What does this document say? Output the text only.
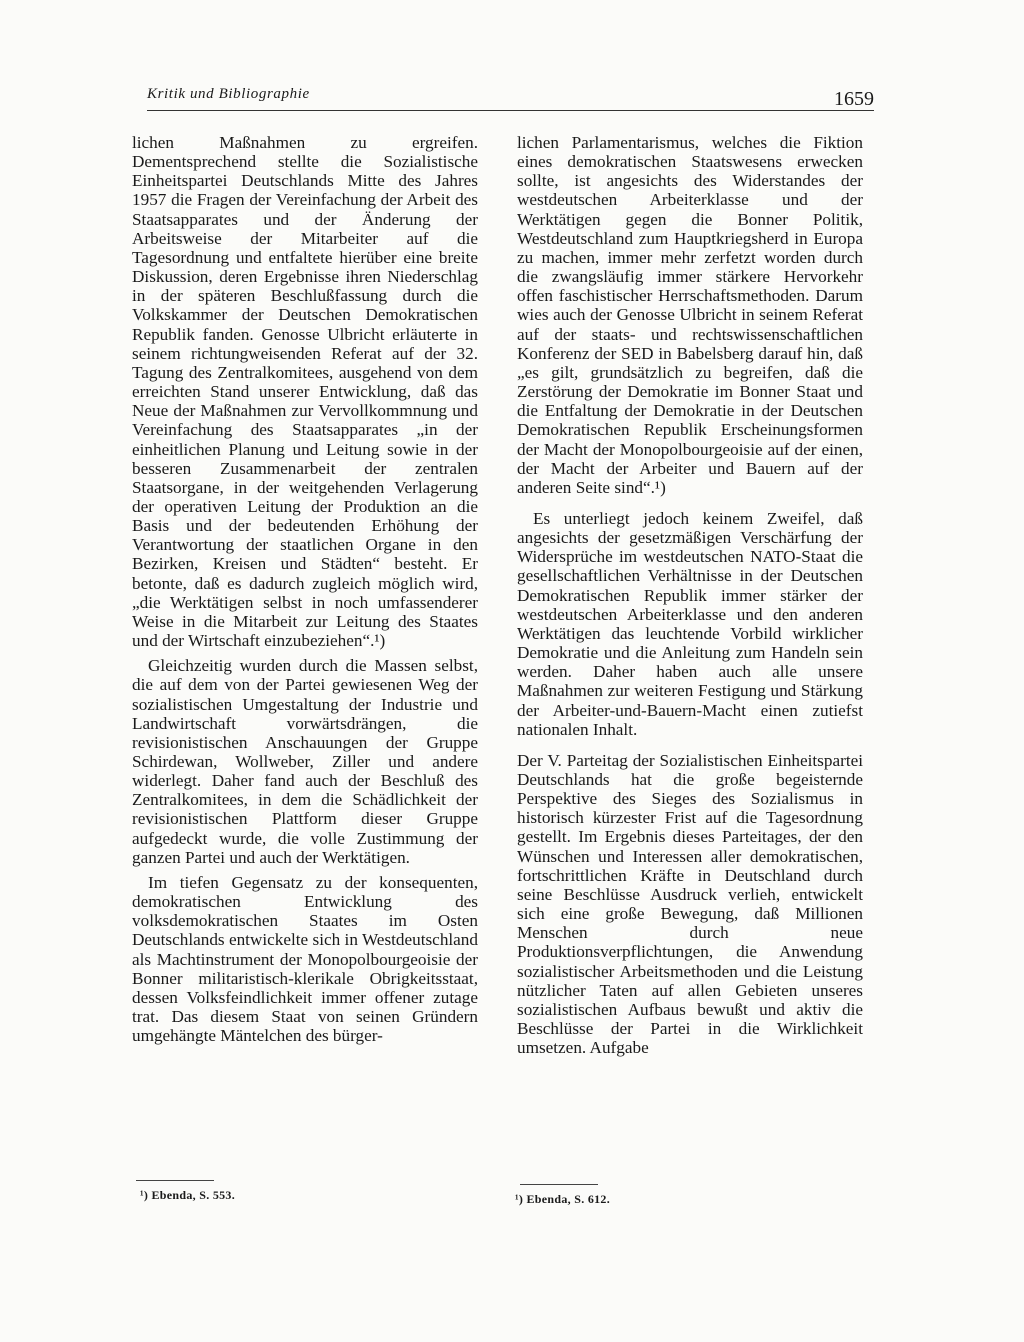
Kritik und Bibliographie	1659

lichen Maßnahmen zu ergreifen. Dementsprechend stellte die Sozialistische Einheitspartei Deutschlands Mitte des Jahres 1957 die Fragen der Vereinfachung der Arbeit des Staatsapparates und der Änderung der Arbeitsweise der Mitarbeiter auf die Tagesordnung und entfaltete hierüber eine breite Diskussion, deren Ergebnisse ihren Niederschlag in der späteren Beschlußfassung durch die Volkskammer der Deutschen Demokratischen Republik fanden. Genosse Ulbricht erläuterte in seinem richtungweisenden Referat auf der 32. Tagung des Zentralkomitees, ausgehend von dem erreichten Stand unserer Entwicklung, daß das Neue der Maßnahmen zur Vervollkommnung und Vereinfachung des Staatsapparates „in der einheitlichen Planung und Leitung sowie in der besseren Zusammenarbeit der zentralen Staatsorgane, in der weitgehenden Verlagerung der operativen Leitung der Produktion an die Basis und der bedeutenden Erhöhung der Verantwortung der staatlichen Organe in den Bezirken, Kreisen und Städten“ besteht. Er betonte, daß es dadurch zugleich möglich wird, „die Werktätigen selbst in noch umfassenderer Weise in die Mitarbeit zur Leitung des Staates und der Wirtschaft einzubeziehen“.¹)

Gleichzeitig wurden durch die Massen selbst, die auf dem von der Partei gewiesenen Weg der sozialistischen Umgestaltung der Industrie und Landwirtschaft vorwärtsdrängen, die revisionistischen Anschauungen der Gruppe Schirdewan, Wollweber, Ziller und andere widerlegt. Daher fand auch der Beschluß des Zentralkomitees, in dem die Schädlichkeit der revisionistischen Plattform dieser Gruppe aufgedeckt wurde, die volle Zustimmung der ganzen Partei und auch der Werktätigen.

Im tiefen Gegensatz zu der konsequenten, demokratischen Entwicklung des volksdemokratischen Staates im Osten Deutschlands entwickelte sich in Westdeutschland als Machtinstrument der Monopolbourgeoisie der Bonner militaristisch-klerikale Obrigkeitsstaat, dessen Volksfeindlichkeit immer offener zutage trat. Das diesem Staat von seinen Gründern umgehängte Mäntelchen des bürger-

lichen Parlamentarismus, welches die Fiktion eines demokratischen Staatswesens erwecken sollte, ist angesichts des Widerstandes der westdeutschen Arbeiterklasse und der Werktätigen gegen die Bonner Politik, Westdeutschland zum Hauptkriegsherd in Europa zu machen, immer mehr zerfetzt worden durch die zwangsläufig immer stärkere Hervorkehr offen faschistischer Herrschaftsmethoden. Darum wies auch der Genosse Ulbricht in seinem Referat auf der staats- und rechtswissenschaftlichen Konferenz der SED in Babelsberg darauf hin, daß „es gilt, grundsätzlich zu begreifen, daß die Zerstörung der Demokratie im Bonner Staat und die Entfaltung der Demokratie in der Deutschen Demokratischen Republik Erscheinungsformen der Macht der Monopolbourgeoisie auf der einen, der Macht der Arbeiter und Bauern auf der anderen Seite sind“.¹)

Es unterliegt jedoch keinem Zweifel, daß angesichts der gesetzmäßigen Verschärfung der Widersprüche im westdeutschen NATO-Staat die gesellschaftlichen Verhältnisse in der Deutschen Demokratischen Republik immer stärker der westdeutschen Arbeiterklasse und den anderen Werktätigen das leuchtende Vorbild wirklicher Demokratie und die Anleitung zum Handeln sein werden. Daher haben auch alle unsere Maßnahmen zur weiteren Festigung und Stärkung der Arbeiter-und-Bauern-Macht einen zutiefst nationalen Inhalt.

Der V. Parteitag der Sozialistischen Einheitspartei Deutschlands hat die große begeisternde Perspektive des Sieges des Sozialismus in historisch kürzester Frist auf die Tagesordnung gestellt. Im Ergebnis dieses Parteitages, der den Wünschen und Interessen aller demokratischen, fortschrittlichen Kräfte in Deutschland durch seine Beschlüsse Ausdruck verlieh, entwickelt sich eine große Bewegung, daß Millionen Menschen durch neue Produktionsverpflichtungen, die Anwendung sozialistischer Arbeitsmethoden und die Leistung nützlicher Taten auf allen Gebieten unseres sozialistischen Aufbaus bewußt und aktiv die Beschlüsse der Partei in die Wirklichkeit umsetzen. Aufgabe

¹) Ebenda, S. 553.	¹) Ebenda, S. 612.
